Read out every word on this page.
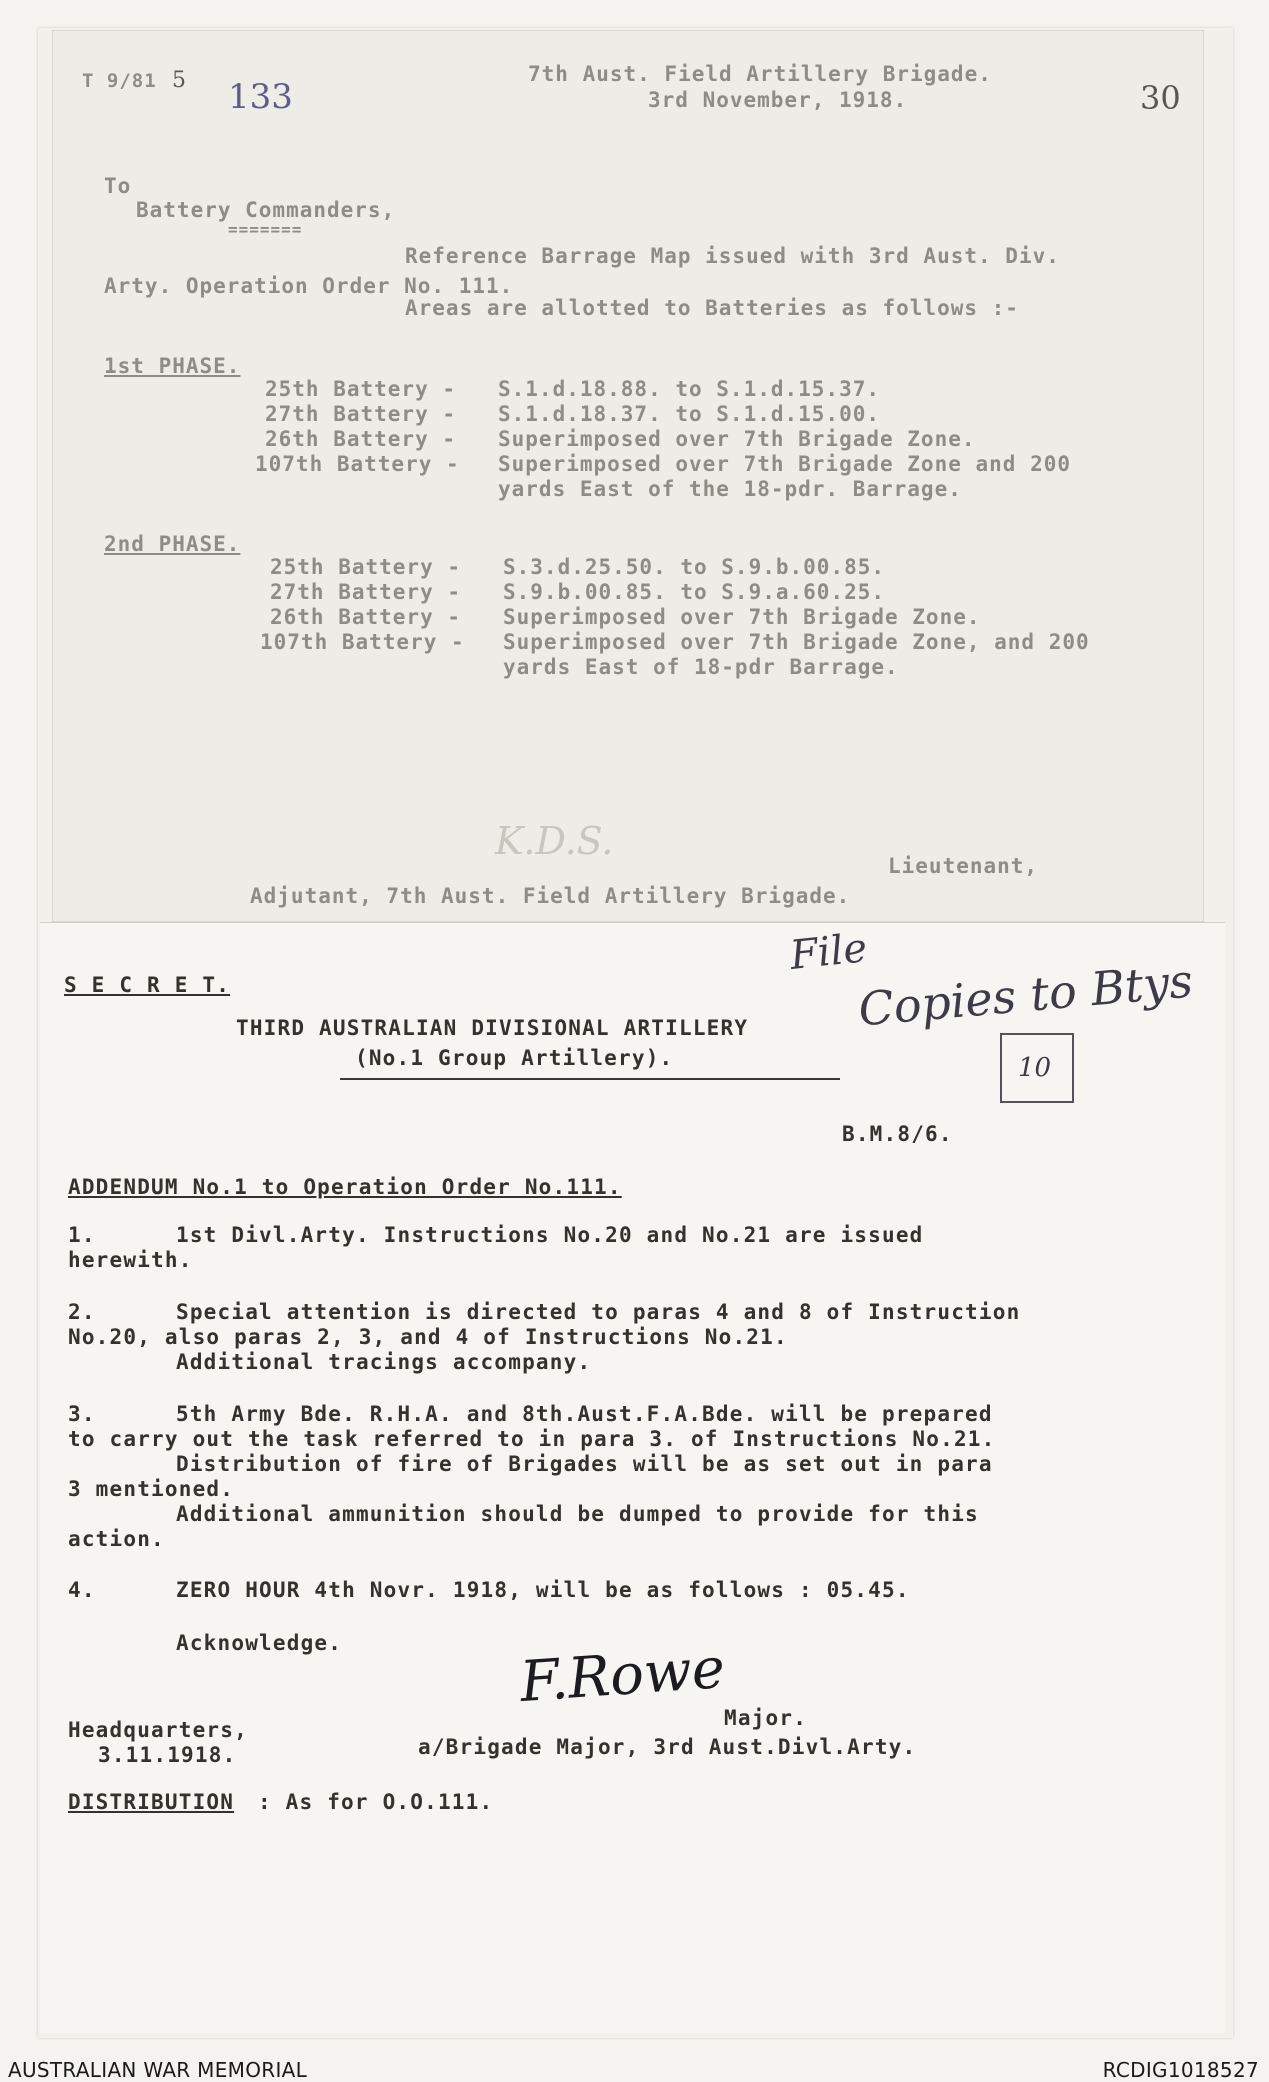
T 9/81 5 133	30
7th Aust. Field Artillery Brigade.
3rd November, 1918.
To
Battery Commanders,
=======
Reference Barrage Map issued with 3rd Aust. Div.
Arty. Operation Order No. 111.
Areas are allotted to Batteries as follows :-
1st PHASE.
25th Battery - S.1.d.18.88. to S.1.d.15.37.
27th Battery - S.1.d.18.37. to S.1.d.15.00.
26th Battery - Superimposed over 7th Brigade Zone.
107th Battery - Superimposed over 7th Brigade Zone and 200
yards East of the 18-pdr. Barrage.
2nd PHASE.
25th Battery - S.3.d.25.50. to S.9.b.00.85.
27th Battery - S.9.b.00.85. to S.9.a.60.25.
26th Battery - Superimposed over 7th Brigade Zone.
107th Battery - Superimposed over 7th Brigade Zone, and 200
yards East of 18-pdr Barrage.
K.D.S.
Lieutenant,
Adjutant, 7th Aust. Field Artillery Brigade.
S E C R E T.
THIRD AUSTRALIAN DIVISIONAL ARTILLERY
(No.1 Group Artillery).
File
Copies to Btys
10
B.M.8/6.
ADDENDUM No.1 to Operation Order No.111.
1.	1st Divl.Arty. Instructions No.20 and No.21 are issued
herewith.
2.	Special attention is directed to paras 4 and 8 of Instruction
No.20, also paras 2, 3, and 4 of Instructions No.21.
Additional tracings accompany.
3.	5th Army Bde. R.H.A. and 8th.Aust.F.A.Bde. will be prepared
to carry out the task referred to in para 3. of Instructions No.21.
Distribution of fire of Brigades will be as set out in para
3 mentioned.
Additional ammunition should be dumped to provide for this
action.
4.	ZERO HOUR 4th Novr. 1918, will be as follows : 05.45.
Acknowledge.	F.Rowe
Major.
Headquarters,
3.11.1918.	a/Brigade Major, 3rd Aust.Divl.Arty.
DISTRIBUTION : As for O.O.111.
AUSTRALIAN WAR MEMORIAL	RCDIG1018527
